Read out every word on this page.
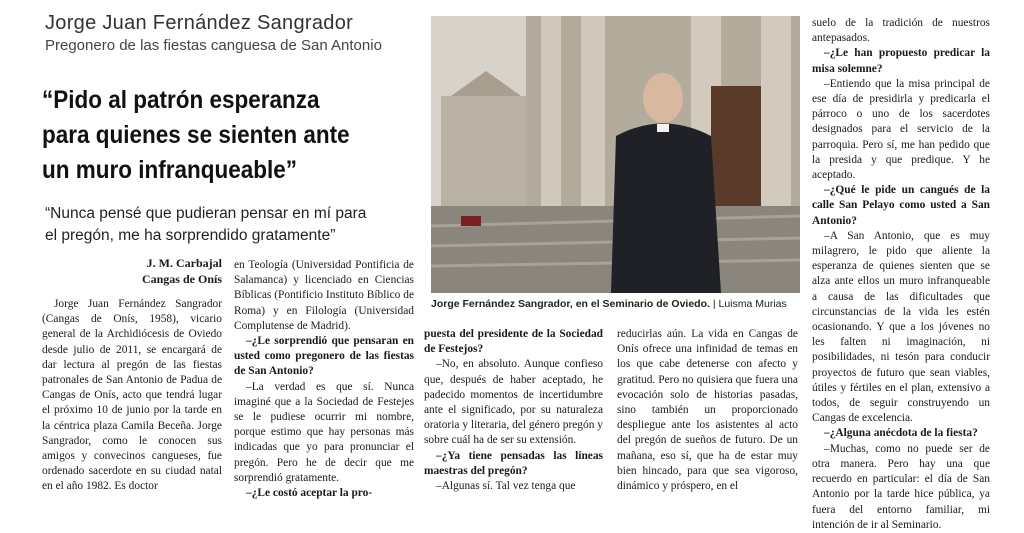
Jorge Juan Fernández Sangrador
Pregonero de las fiestas canguesa de San Antonio
“Pido al patrón esperanza
para quienes se sienten ante
un muro infranqueable”
“Nunca pensé que pudieran pensar en mí para
el pregón, me ha sorprendido gratamente”
J. M. Carbajal
Cangas de Onís

Jorge Juan Fernández Sangrador (Cangas de Onís, 1958), vicario general de la Archidiócesis de Oviedo desde julio de 2011, se encargará de dar lectura al pregón de las fiestas patronales de San Antonio de Padua de Cangas de Onís, acto que tendrá lugar el próximo 10 de junio por la tarde en la céntrica plaza Camila Beceña. Jorge Sangrador, como le conocen sus amigos y convecinos cangueses, fue ordenado sacerdote en su ciudad natal en el año 1982. Es doctor

en Teología (Universidad Pontificia de Salamanca) y licenciado en Ciencias Bíblicas (Pontificio Instituto Bíblico de Roma) y en Filología (Universidad Complutense de Madrid).

–¿Le sorprendió que pensaran en usted como pregonero de las fiestas de San Antonio?

–La verdad es que sí. Nunca imaginé que a la Sociedad de Festejes se le pudiese ocurrir mi nombre, porque estimo que hay personas más indicadas que yo para pronunciar el pregón. Pero he de decir que me sorprendió gratamente.

–¿Le costó aceptar la pro-

Jorge Fernández Sangrador, en el Seminario de Oviedo. | Luisma Murias

puesta del presidente de la Sociedad de Festejos?

–No, en absoluto. Aunque confieso que, después de haber aceptado, he padecido momentos de incertidumbre ante el significado, por su naturaleza oratoria y literaria, del género pregón y sobre cuál ha de ser su extensión.

–¿Ya tiene pensadas las líneas maestras del pregón?

–Algunas sí. Tal vez tenga que

reducirlas aún. La vida en Cangas de Onís ofrece una infinidad de temas en los que cabe detenerse con afecto y gratitud. Pero no quisiera que fuera una evocación solo de historias pasadas, sino también un proporcionado despliegue ante los asistentes al acto del pregón de sueños de futuro. De un mañana, eso sí, que ha de estar muy bien hincado, para que sea vigoroso, dinámico y próspero, en el

suelo de la tradición de nuestros antepasados.

–¿Le han propuesto predicar la misa solemne?

–Entiendo que la misa principal de ese día de presidirla y predicarla el párroco o uno de los sacerdotes designados para el servicio de la parroquia. Pero sí, me han pedido que la presida y que predique. Y he aceptado.

–¿Qué le pide un cangués de la calle San Pelayo como usted a San Antonio?

–A San Antonio, que es muy milagrero, le pido que aliente la esperanza de quienes sienten que se alza ante ellos un muro infranqueable a causa de las dificultades que circunstancias de la vida les estén ocasionando. Y que a los jóvenes no les falten ni imaginación, ni posibilidades, ni tesón para conducir proyectos de futuro que sean viables, útiles y fértiles en el plan, extensivo a todos, de seguir construyendo un Cangas de excelencia.

–¿Alguna anécdota de la fiesta?

–Muchas, como no puede ser de otra manera. Pero hay una que recuerdo en particular: el día de San Antonio por la tarde hice pública, ya fuera del entorno familiar, mi intención de ir al Seminario.
